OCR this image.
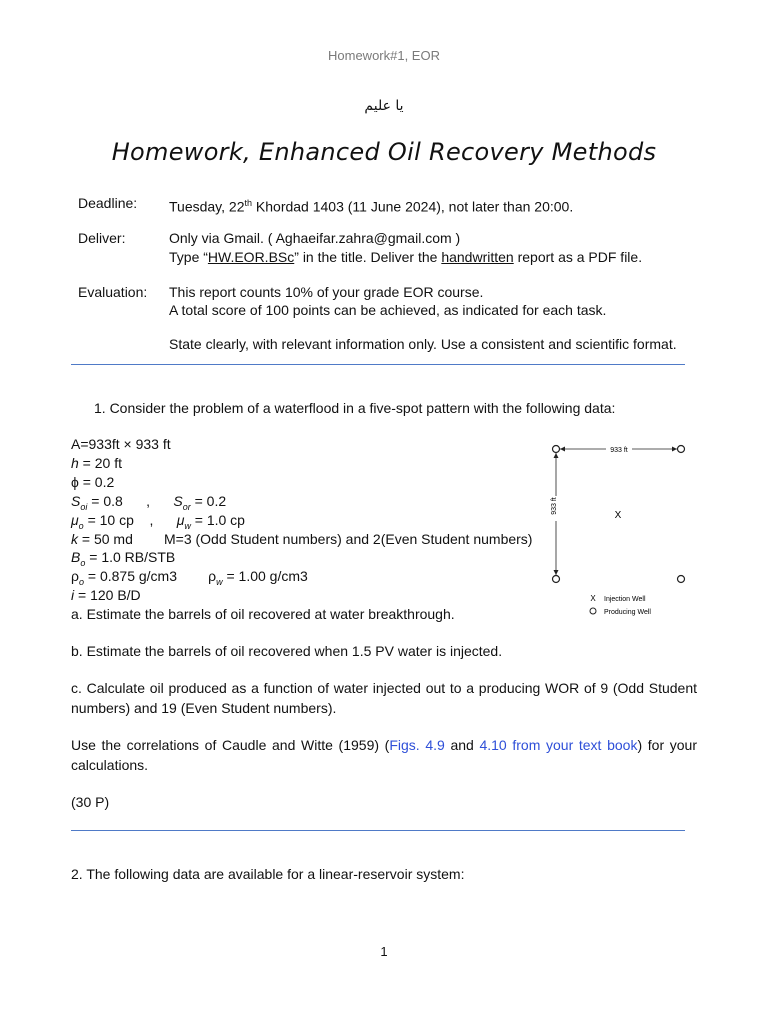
Homework#1, EOR
يا عليم
Homework, Enhanced Oil Recovery Methods
Deadline: Tuesday, 22th Khordad 1403 (11 June 2024), not later than 20:00.
Deliver:	Only via Gmail. ( Aghaeifar.zahra@gmail.com )
Type “HW.EOR.BSc” in the title. Deliver the handwritten report as a PDF file.
Evaluation: This report counts 10% of your grade EOR course.
A total score of 100 points can be achieved, as indicated for each task.
State clearly, with relevant information only. Use a consistent and scientific format.
1. Consider the problem of a waterflood in a five-spot pattern with the following data:
A=933ft × 933 ft
h = 20 ft
ϕ = 0.2
$S_{oi} = 0.8$      ,      $S_{or} = 0.2$
$\mu_o = 10$ cp    ,      $\mu_w = 1.0$ cp
k = 50 md        M=3 (Odd Student numbers) and 2(Even Student numbers)
$B_o = 1.0$ RB/STB
$\rho_o = 0.875$ g/cm3        $\rho_w = 1.00$ g/cm3
i = 120 B/D
a. Estimate the barrels of oil recovered at water breakthrough.
b. Estimate the barrels of oil recovered when 1.5 PV water is injected.
c. Calculate oil produced as a function of water injected out to a producing WOR of 9 (Odd Student numbers) and 19 (Even Student numbers).
Use the correlations of Caudle and Witte (1959) (Figs. 4.9 and 4.10 from your text book) for your calculations.
(30 P)
933 ft
933 ft
X
X Injection Well
Producing Well
2. The following data are available for a linear-reservoir system:
1
